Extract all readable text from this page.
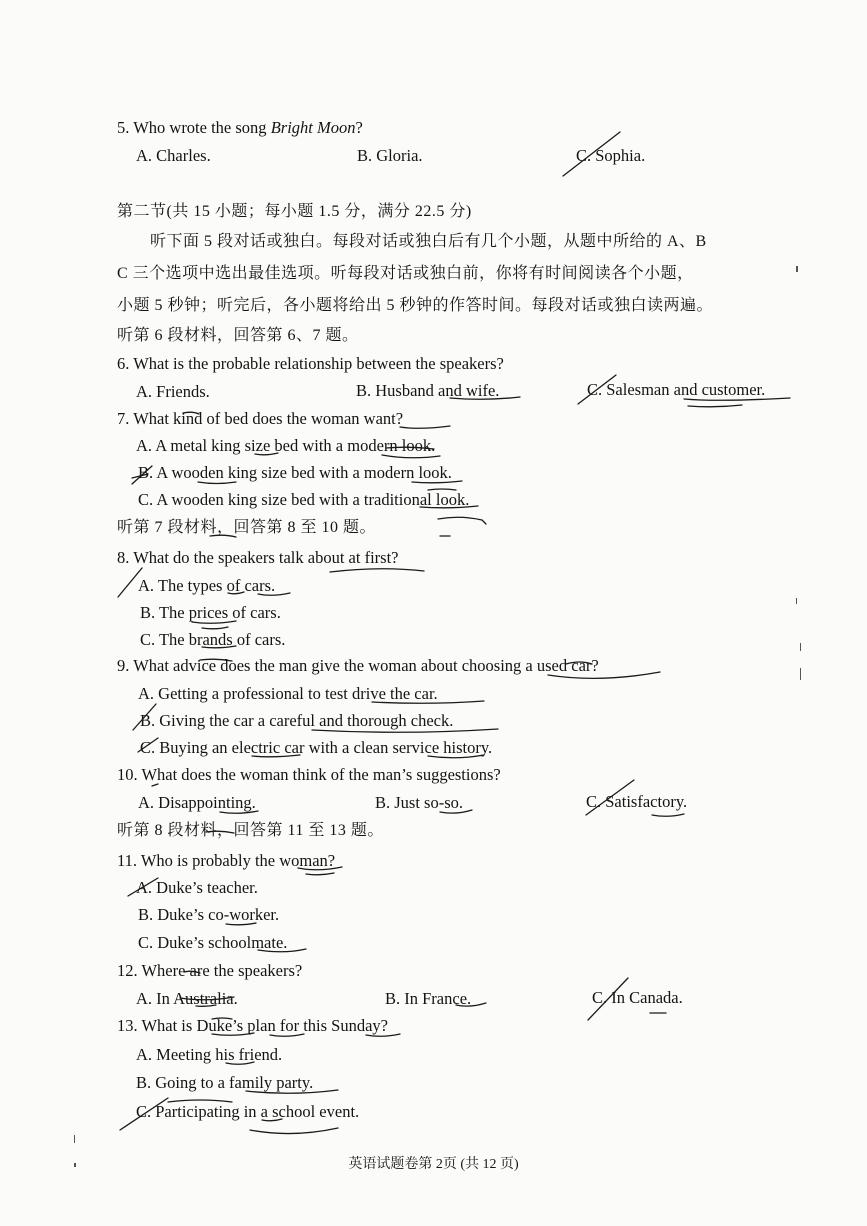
5. Who wrote the song Bright Moon?
A. Charles.	B. Gloria.	C. Sophia.
第二节(共 15 小题；每小题 1.5 分，满分 22.5 分)
听下面 5 段对话或独白。每段对话或独白后有几个小题，从题中所给的 A、B
C 三个选项中选出最佳选项。听每段对话或独白前，你将有时间阅读各个小题，
小题 5 秒钟；听完后，各小题将给出 5 秒钟的作答时间。每段对话或独白读两遍。
听第 6 段材料，回答第 6、7 题。
6. What is the probable relationship between the speakers?
A. Friends.	B. Husband and wife.	C. Salesman and customer.
7. What kind of bed does the woman want?
A. A metal king size bed with a modern look.
B. A wooden king size bed with a modern look.
C. A wooden king size bed with a traditional look.
听第 7 段材料，回答第 8 至 10 题。
8. What do the speakers talk about at first?
A. The types of cars.
B. The prices of cars.
C. The brands of cars.
9. What advice does the man give the woman about choosing a used car?
A. Getting a professional to test drive the car.
B. Giving the car a careful and thorough check.
C. Buying an electric car with a clean service history.
10. What does the woman think of the man’s suggestions?
A. Disappointing.	B. Just so-so.	C. Satisfactory.
听第 8 段材料，回答第 11 至 13 题。
11. Who is probably the woman?
A. Duke’s teacher.
B. Duke’s co-worker.
C. Duke’s schoolmate.
12. Where are the speakers?
A. In Australia.	B. In France.	C. In Canada.
13. What is Duke’s plan for this Sunday?
A. Meeting his friend.
B. Going to a family party.
C. Participating in a school event.
英语试题卷第 2页 (共 12 页)
